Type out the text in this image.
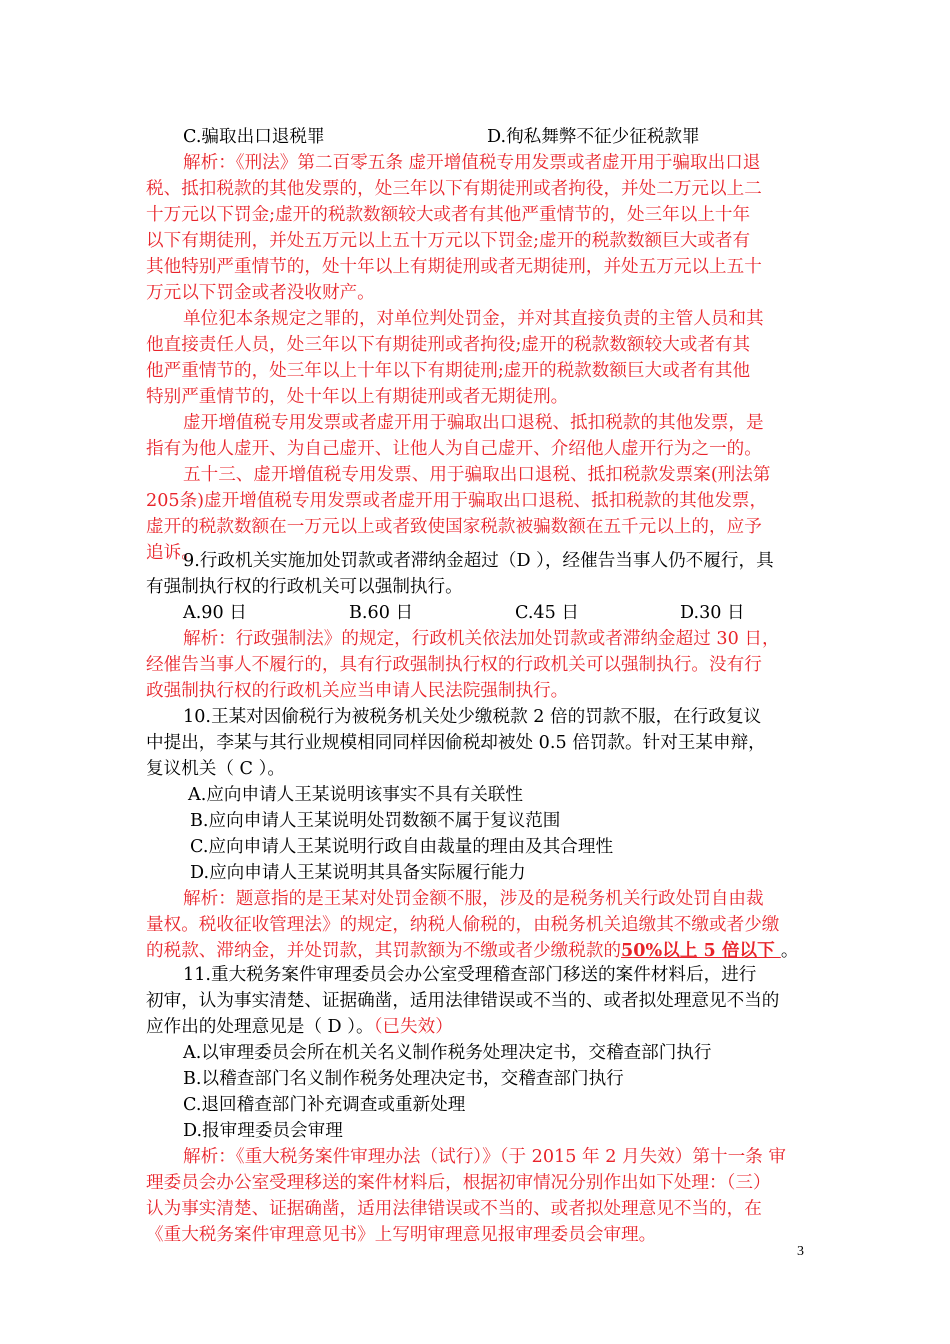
C.骗取出口退税罪	D.徇私舞弊不征少征税款罪
解析：《刑法》第二百零五条 虚开增值税专用发票或者虚开用于骗取出口退
税、抵扣税款的其他发票的，处三年以下有期徒刑或者拘役，并处二万元以上二
十万元以下罚金;虚开的税款数额较大或者有其他严重情节的，处三年以上十年
以下有期徒刑，并处五万元以上五十万元以下罚金;虚开的税款数额巨大或者有
其他特别严重情节的，处十年以上有期徒刑或者无期徒刑，并处五万元以上五十
万元以下罚金或者没收财产。
单位犯本条规定之罪的，对单位判处罚金，并对其直接负责的主管人员和其
他直接责任人员，处三年以下有期徒刑或者拘役;虚开的税款数额较大或者有其
他严重情节的，处三年以上十年以下有期徒刑;虚开的税款数额巨大或者有其他
特别严重情节的，处十年以上有期徒刑或者无期徒刑。
虚开增值税专用发票或者虚开用于骗取出口退税、抵扣税款的其他发票，是
指有为他人虚开、为自己虚开、让他人为自己虚开、介绍他人虚开行为之一的。
五十三、虚开增值税专用发票、用于骗取出口退税、抵扣税款发票案(刑法第
205条)虚开增值税专用发票或者虚开用于骗取出口退税、抵扣税款的其他发票，
虚开的税款数额在一万元以上或者致使国家税款被骗数额在五千元以上的，应予
追诉。
9.行政机关实施加处罚款或者滞纳金超过（D ），经催告当事人仍不履行，具
有强制执行权的行政机关可以强制执行。
A.90 日	B.60 日	C.45 日	D.30 日
解析：行政强制法》的规定，行政机关依法加处罚款或者滞纳金超过 30 日，
经催告当事人不履行的，具有行政强制执行权的行政机关可以强制执行。没有行
政强制执行权的行政机关应当申请人民法院强制执行。
10.王某对因偷税行为被税务机关处少缴税款 2 倍的罚款不服，在行政复议
中提出，李某与其行业规模相同同样因偷税却被处 0.5 倍罚款。针对王某申辩，
复议机关（ C ）。
A.应向申请人王某说明该事实不具有关联性
B.应向申请人王某说明处罚数额不属于复议范围
C.应向申请人王某说明行政自由裁量的理由及其合理性
D.应向申请人王某说明其具备实际履行能力
解析：题意指的是王某对处罚金额不服，涉及的是税务机关行政处罚自由裁
量权。税收征收管理法》的规定，纳税人偷税的，由税务机关追缴其不缴或者少缴
的税款、滞纳金，并处罚款，其罚款额为不缴或者少缴税款的50%以上 5 倍以下 。
11.重大税务案件审理委员会办公室受理稽查部门移送的案件材料后，进行
初审，认为事实清楚、证据确凿，适用法律错误或不当的、或者拟处理意见不当的
应作出的处理意见是（ D ）。（已失效）
A.以审理委员会所在机关名义制作税务处理决定书，交稽查部门执行
B.以稽查部门名义制作税务处理决定书，交稽查部门执行
C.退回稽查部门补充调查或重新处理
D.报审理委员会审理
解析：《重大税务案件审理办法（试行）》（于 2015 年 2 月失效）第十一条 审
理委员会办公室受理移送的案件材料后，根据初审情况分别作出如下处理：（三）
认为事实清楚、证据确凿，适用法律错误或不当的、或者拟处理意见不当的，在
《重大税务案件审理意见书》上写明审理意见报审理委员会审理。
3
